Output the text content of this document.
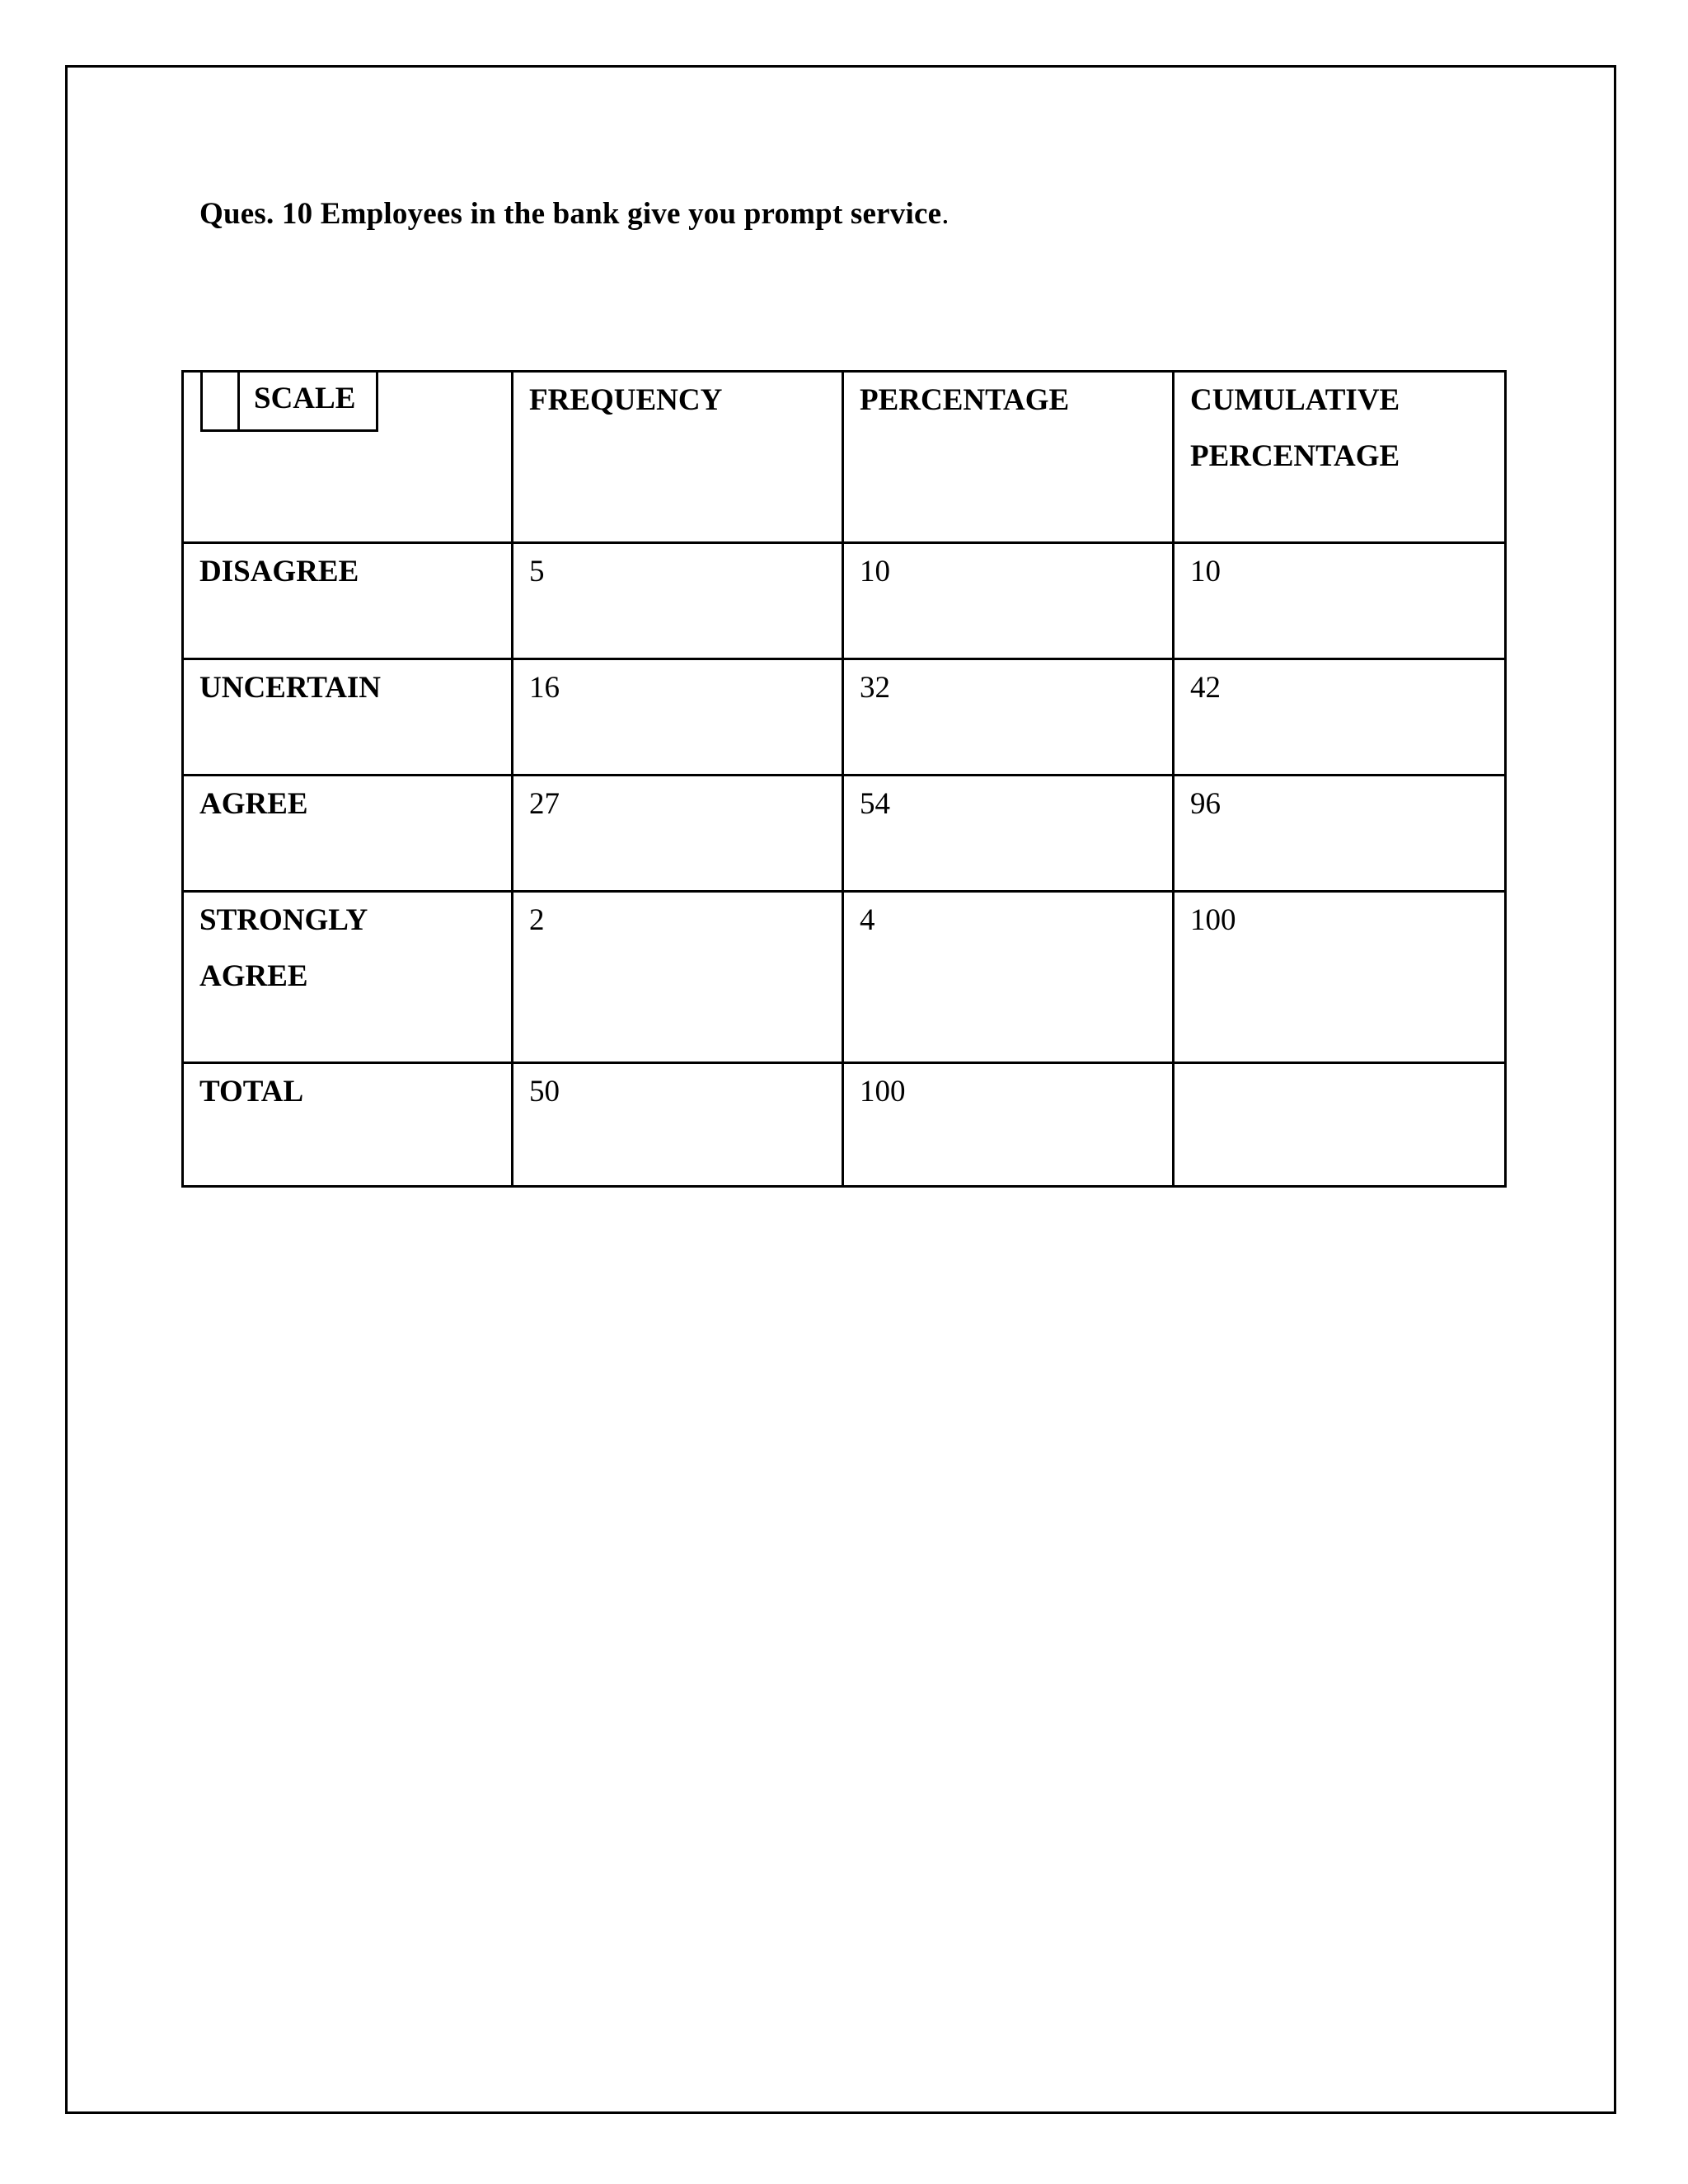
Ques. 10 Employees in the bank give you prompt service.
SCALE	FREQUENCY	PERCENTAGE	CUMULATIVE PERCENTAGE
DISAGREE	5	10	10
UNCERTAIN	16	32	42
AGREE	27	54	96
STRONGLY AGREE	2	4	100
TOTAL	50	100	
